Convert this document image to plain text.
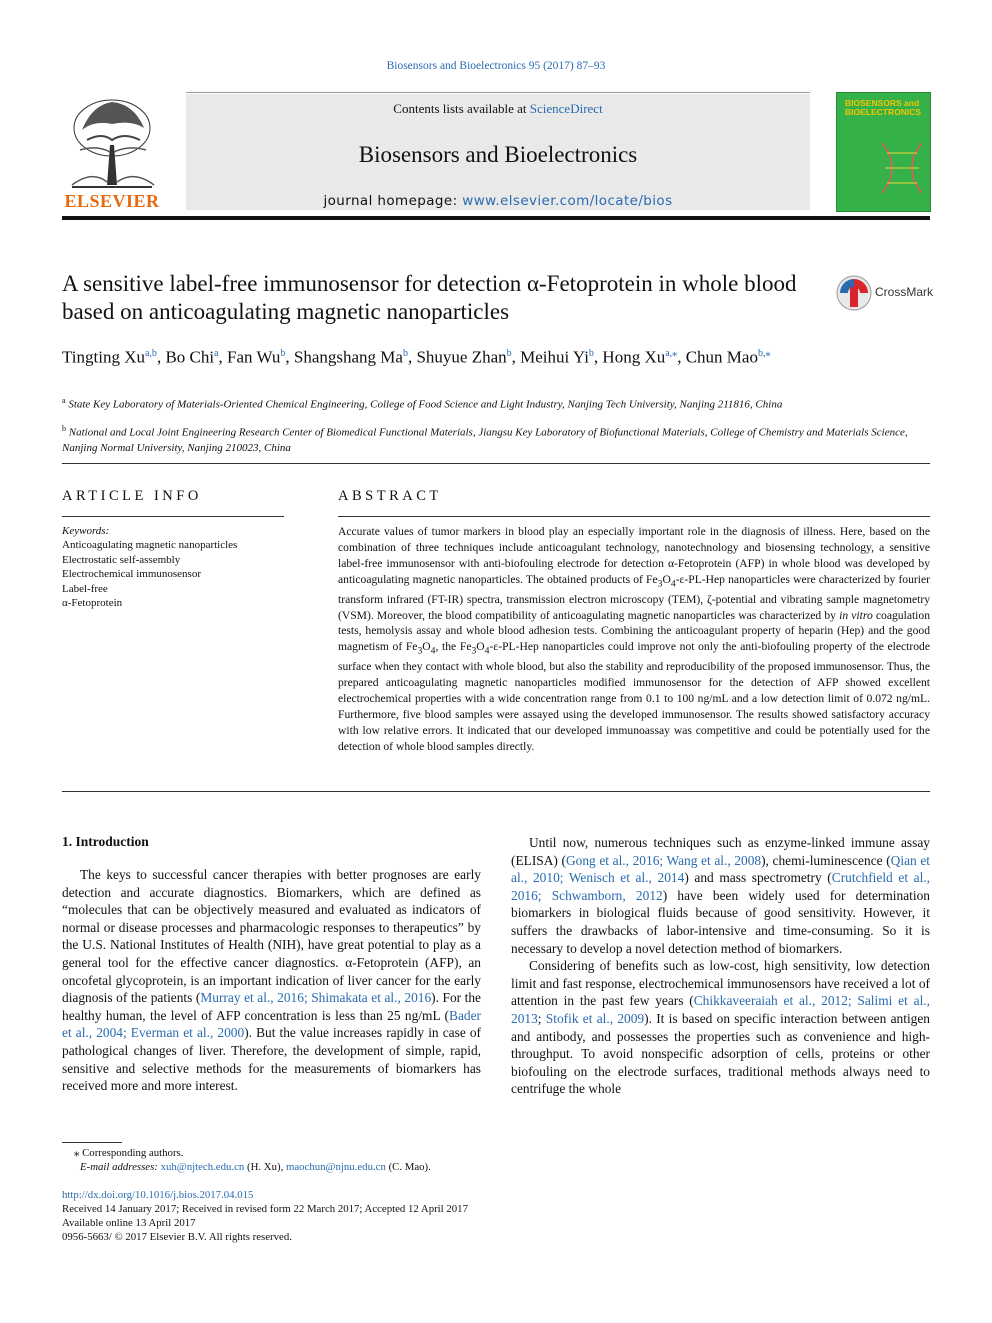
Biosensors and Bioelectronics 95 (2017) 87–93
ELSEVIER
Contents lists available at ScienceDirect
Biosensors and Bioelectronics
journal homepage: www.elsevier.com/locate/bios
BIOSENSORS and BIOELECTRONICS
A sensitive label-free immunosensor for detection α-Fetoprotein in whole blood based on anticoagulating magnetic nanoparticles
CrossMark
Tingting Xu$^{a,b}$, Bo Chi$^a$, Fan Wu$^b$, Shangshang Ma$^b$, Shuyue Zhan$^b$, Meihui Yi$^b$, Hong $Xu^{a,⁎}$, Chun Mao$^{b,⁎}$
$^a$ State Key Laboratory of Materials-Oriented Chemical Engineering, College of Food Science and Light Industry, Nanjing Tech University, Nanjing 211816, China
$^b$ National and Local Joint Engineering Research Center of Biomedical Functional Materials, Jiangsu Key Laboratory of Biofunctional Materials, College of Chemistry and Materials Science, Nanjing Normal University, Nanjing 210023, China
ARTICLE INFO
Keywords:
Anticoagulating magnetic nanoparticles
Electrostatic self-assembly
Electrochemical immunosensor
Label-free
α-Fetoprotein
ABSTRACT
Accurate values of tumor markers in blood play an especially important role in the diagnosis of illness. Here, based on the combination of three techniques include anticoagulant technology, nanotechnology and biosensing technology, a sensitive label-free immunosensor with anti-biofouling electrode for detection α-Fetoprotein (AFP) in whole blood was developed by anticoagulating magnetic nanoparticles. The obtained products of $Fe_3O_4-\varepsilon-PL$-Hep nanoparticles were characterized by fourier transform infrared (FT-IR) spectra, transmission electron microscopy (TEM), ζ-potential and vibrating sample magnetometry (VSM). Moreover, the blood compatibility of anticoagulating magnetic nanoparticles was characterized by in vitro coagulation tests, hemolysis assay and whole blood adhesion tests. Combining the anticoagulant property of heparin (Hep) and the good magnetism of $Fe_3O_4$, the $Fe_3O_4-\varepsilon-PL$-Hep nanoparticles could improve not only the anti-biofouling property of the electrode surface when they contact with whole blood, but also the stability and reproducibility of the proposed immunosensor. Thus, the prepared anticoagulating magnetic nanoparticles modified immunosensor for the detection of AFP showed excellent electrochemical properties with a wide concentration range from 0.1 to 100 ng/mL and a low detection limit of 0.072 ng/mL. Furthermore, five blood samples were assayed using the developed immunosensor. The results showed satisfactory accuracy with low relative errors. It indicated that our developed immunoassay was competitive and could be potentially used for the detection of whole blood samples directly.
1. Introduction

The keys to successful cancer therapies with better prognoses are early detection and accurate diagnostics. Biomarkers, which are defined as “molecules that can be objectively measured and evaluated as indicators of normal or disease processes and pharmacologic responses to therapeutics” by the U.S. National Institutes of Health (NIH), have great potential to play as a general tool for the effective cancer diagnostics. α-Fetoprotein (AFP), an oncofetal glycoprotein, is an important indication of liver cancer for the early diagnosis of the patients (Murray et al., 2016; Shimakata et al., 2016). For the healthy human, the level of AFP concentration is less than 25 ng/mL (Bader et al., 2004; Everman et al., 2000). But the value increases rapidly in case of pathological changes of liver. Therefore, the development of simple, rapid, sensitive and selective methods for the measurements of biomarkers has received more and more interest.

Until now, numerous techniques such as enzyme-linked immune assay (ELISA) (Gong et al., 2016; Wang et al., 2008), chemi-luminescence (Qian et al., 2010; Wenisch et al., 2014) and mass spectrometry (Crutchfield et al., 2016; Schwamborn, 2012) have been widely used for determination biomarkers in biological fluids because of good sensitivity. However, it suffers the drawbacks of labor-intensive and time-consuming. So it is necessary to develop a novel detection method of biomarkers.

Considering of benefits such as low-cost, high sensitivity, low detection limit and fast response, electrochemical immunosensors have received a lot of attention in the past few years (Chikkaveeraiah et al., 2012; Salimi et al., 2013; Stofik et al., 2009). It is based on specific interaction between antigen and antibody, and possesses the properties such as convenience and high-throughput. To avoid nonspecific adsorption of cells, proteins or other biofouling on the electrode surfaces, traditional methods always need to centrifuge the whole

⁎ Corresponding authors.
E-mail addresses: xuh@njtech.edu.cn (H. Xu), maochun@njnu.edu.cn (C. Mao).
http://dx.doi.org/10.1016/j.bios.2017.04.015
Received 14 January 2017; Received in revised form 22 March 2017; Accepted 12 April 2017
Available online 13 April 2017
0956-5663/ © 2017 Elsevier B.V. All rights reserved.
